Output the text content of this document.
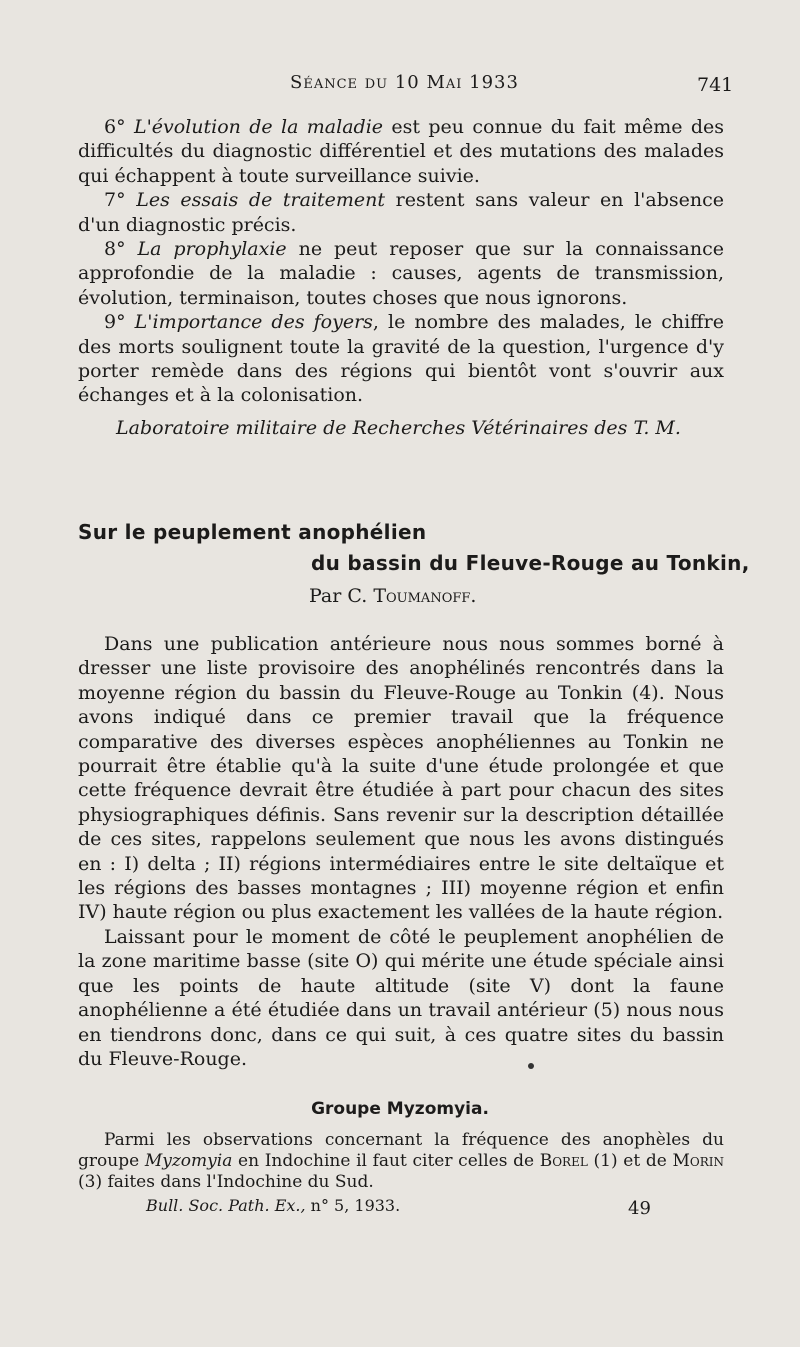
Séance du 10 Mai 1933	741

6° L'évolution de la maladie est peu connue du fait même des difficultés du diagnostic différentiel et des mutations des malades qui échappent à toute surveillance suivie.

7° Les essais de traitement restent sans valeur en l'absence d'un diagnostic précis.

8° La prophylaxie ne peut reposer que sur la connaissance approfondie de la maladie : causes, agents de transmission, évolution, terminaison, toutes choses que nous ignorons.

9° L'importance des foyers, le nombre des malades, le chiffre des morts soulignent toute la gravité de la question, l'urgence d'y porter remède dans des régions qui bientôt vont s'ouvrir aux échanges et à la colonisation.

Laboratoire militaire de Recherches Vétérinaires des T. M.
Sur le peuplement anophélien
du bassin du Fleuve-Rouge au Tonkin,
Par C. Toumanoff.

Dans une publication antérieure nous nous sommes borné à dresser une liste provisoire des anophélinés rencontrés dans la moyenne région du bassin du Fleuve-Rouge au Tonkin (4). Nous avons indiqué dans ce premier travail que la fréquence comparative des diverses espèces anophéliennes au Tonkin ne pourrait être établie qu'à la suite d'une étude prolongée et que cette fréquence devrait être étudiée à part pour chacun des sites physiographiques définis. Sans revenir sur la description détaillée de ces sites, rappelons seulement que nous les avons distingués en : I) delta ; II) régions intermédiaires entre le site deltaïque et les régions des basses montagnes ; III) moyenne région et enfin IV) haute région ou plus exactement les vallées de la haute région.

Laissant pour le moment de côté le peuplement anophélien de la zone maritime basse (site O) qui mérite une étude spéciale ainsi que les points de haute altitude (site V) dont la faune anophélienne a été étudiée dans un travail antérieur (5) nous nous en tiendrons donc, dans ce qui suit, à ces quatre sites du bassin du Fleuve-Rouge.

Groupe Myzomyia.

Parmi les observations concernant la fréquence des anophèles du groupe Myzomyia en Indochine il faut citer celles de Borel (1) et de Morin (3) faites dans l'Indochine du Sud.

Bull. Soc. Path. Ex., n° 5, 1933.	49
